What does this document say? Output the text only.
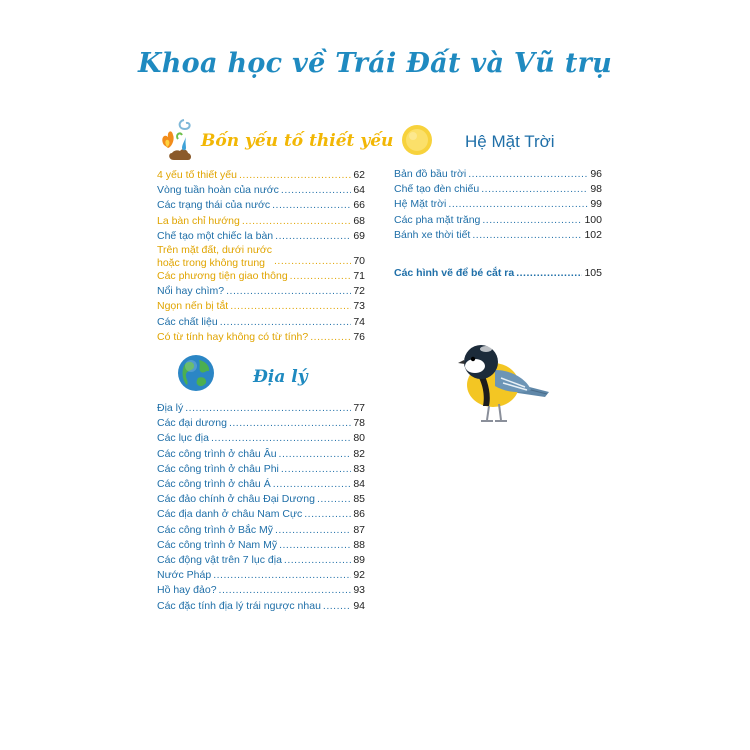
Khoa học về Trái Đất và Vũ trụ
Bốn yếu tố thiết yếu
4 yếu tố thiết yếu .....	62
Vòng tuần hoàn của nước .....	64
Các trạng thái của nước .....	66
La bàn chỉ hướng .....	68
Chế tạo một chiếc la bàn .....	69
Trên mặt đất, dưới nước
hoặc trong không trung .....	70
Các phương tiện giao thông .....	71
Nổi hay chìm? .....	72
Ngọn nến bị tắt .....	73
Các chất liệu .....	74
Có từ tính hay không có từ tính? .....	76
Địa lý
Địa lý .....	77
Các đại dương .....	78
Các lục địa .....	80
Các công trình ở châu Âu .....	82
Các công trình ở châu Phi .....	83
Các công trình ở châu Á .....	84
Các đảo chính ở châu Đại Dương .....	85
Các địa danh ở châu Nam Cực .....	86
Các công trình ở Bắc Mỹ .....	87
Các công trình ở Nam Mỹ .....	88
Các động vật trên 7 lục địa .....	89
Nước Pháp .....	92
Hồ hay đảo? .....	93
Các đặc tính địa lý trái ngược nhau .....	94
Hệ Mặt Trời
Bản đồ bầu trời .....	96
Chế tạo đèn chiếu .....	98
Hệ Mặt trời .....	99
Các pha mặt trăng .....	100
Bánh xe thời tiết .....	102
Các hình vẽ để bé cắt ra .....	105
